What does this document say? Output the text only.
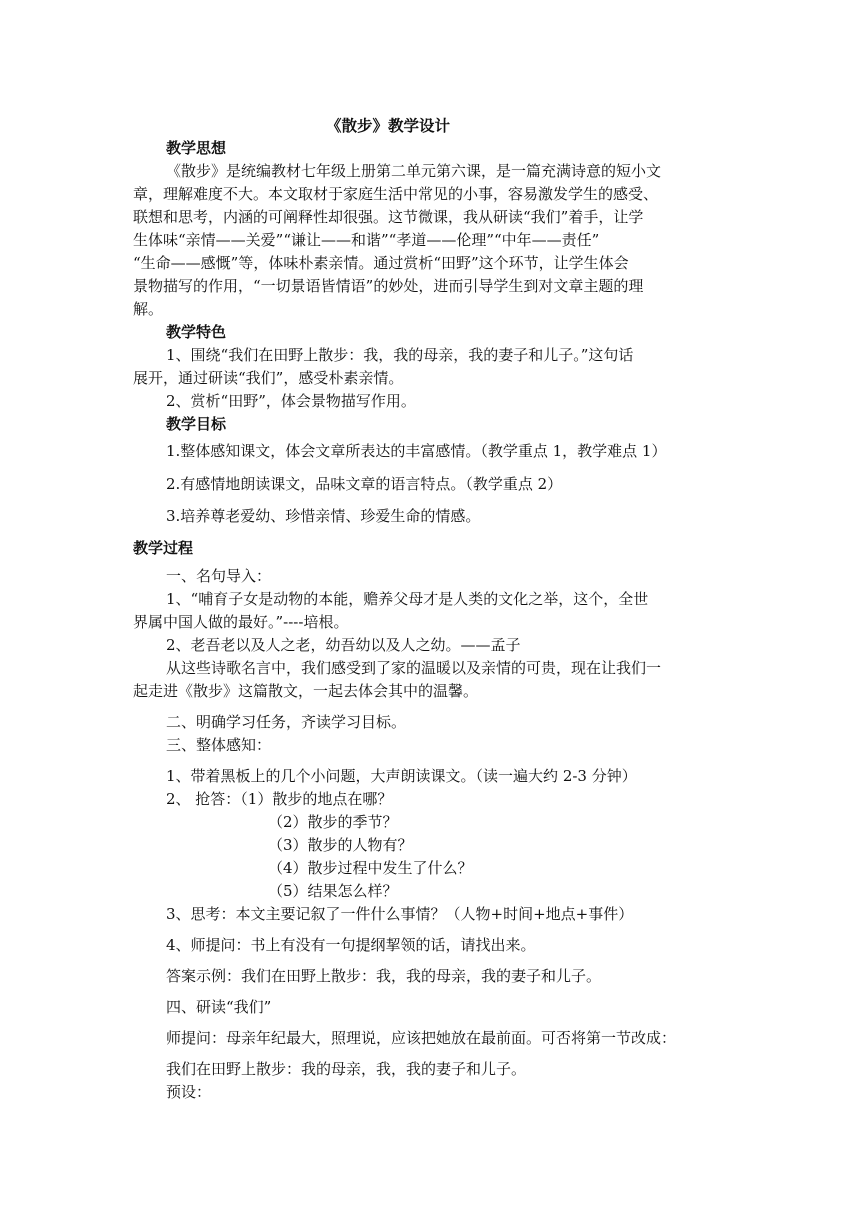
《散步》教学设计
教学思想
《散步》是统编教材七年级上册第二单元第六课，是一篇充满诗意的短小文
章，理解难度不大。本文取材于家庭生活中常见的小事，容易激发学生的感受、
联想和思考，内涵的可阐释性却很强。这节微课，我从研读“我们”着手，让学
生体味“亲情——关爱”“谦让——和谐”“孝道——伦理”“中年——责任”
“生命——感慨”等，体味朴素亲情。通过赏析“田野”这个环节，让学生体会
景物描写的作用，“一切景语皆情语”的妙处，进而引导学生到对文章主题的理
解。
教学特色
1、围绕“我们在田野上散步：我，我的母亲，我的妻子和儿子。”这句话
展开，通过研读“我们”，感受朴素亲情。
2、赏析“田野”，体会景物描写作用。
教学目标
1.整体感知课文，体会文章所表达的丰富感情。（教学重点 1，教学难点 1）
2.有感情地朗读课文，品味文章的语言特点。（教学重点 2）
3.培养尊老爱幼、珍惜亲情、珍爱生命的情感。
教学过程
一、名句导入：
1、“哺育子女是动物的本能，赡养父母才是人类的文化之举，这个，全世
界属中国人做的最好。”----培根。
2、老吾老以及人之老，幼吾幼以及人之幼。——孟子
从这些诗歌名言中，我们感受到了家的温暖以及亲情的可贵，现在让我们一
起走进《散步》这篇散文，一起去体会其中的温馨。
二、明确学习任务，齐读学习目标。
三、整体感知：
1、带着黑板上的几个小问题，大声朗读课文。（读一遍大约 2-3 分钟）
2、 抢答：（1）散步的地点在哪？
（2）散步的季节？
（3）散步的人物有？
（4）散步过程中发生了什么？
（5）结果怎么样？
3、思考：本文主要记叙了一件什么事情？（人物+时间+地点+事件）
4、师提问：书上有没有一句提纲挈领的话，请找出来。
答案示例：我们在田野上散步：我，我的母亲，我的妻子和儿子。
四、研读“我们”
师提问：母亲年纪最大，照理说，应该把她放在最前面。可否将第一节改成：
我们在田野上散步：我的母亲，我，我的妻子和儿子。
预设：
